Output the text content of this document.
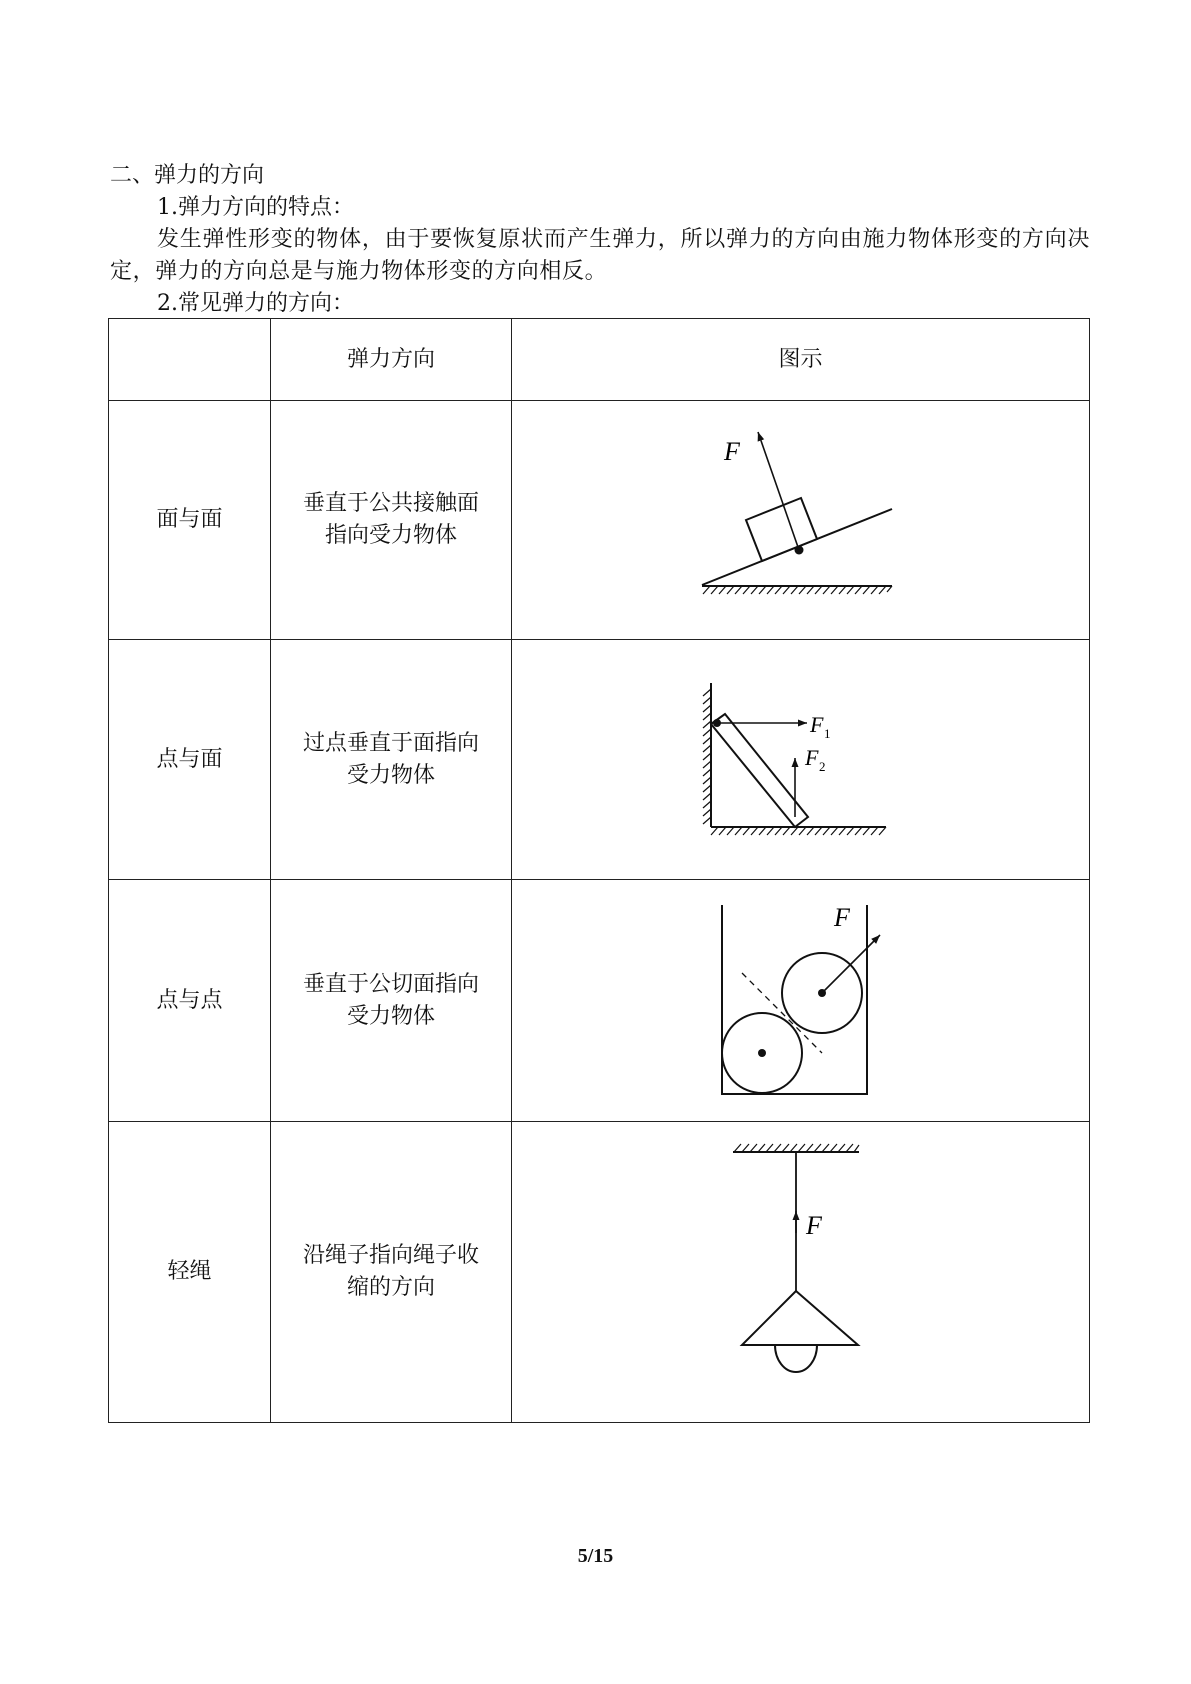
二、弹力的方向
1.弹力方向的特点：
发生弹性形变的物体，由于要恢复原状而产生弹力，所以弹力的方向由施力物体形变的方向决定，弹力的方向总是与施力物体形变的方向相反。
2.常见弹力的方向：
	弹力方向	图示
面与面	垂直于公共接触面指向受力物体	F

点与面	过点垂直于面指向受力物体	F 1
F 2

点与点	垂直于公切面指向受力物体	F

轻绳	沿绳子指向绳子收缩的方向	F
5/15
